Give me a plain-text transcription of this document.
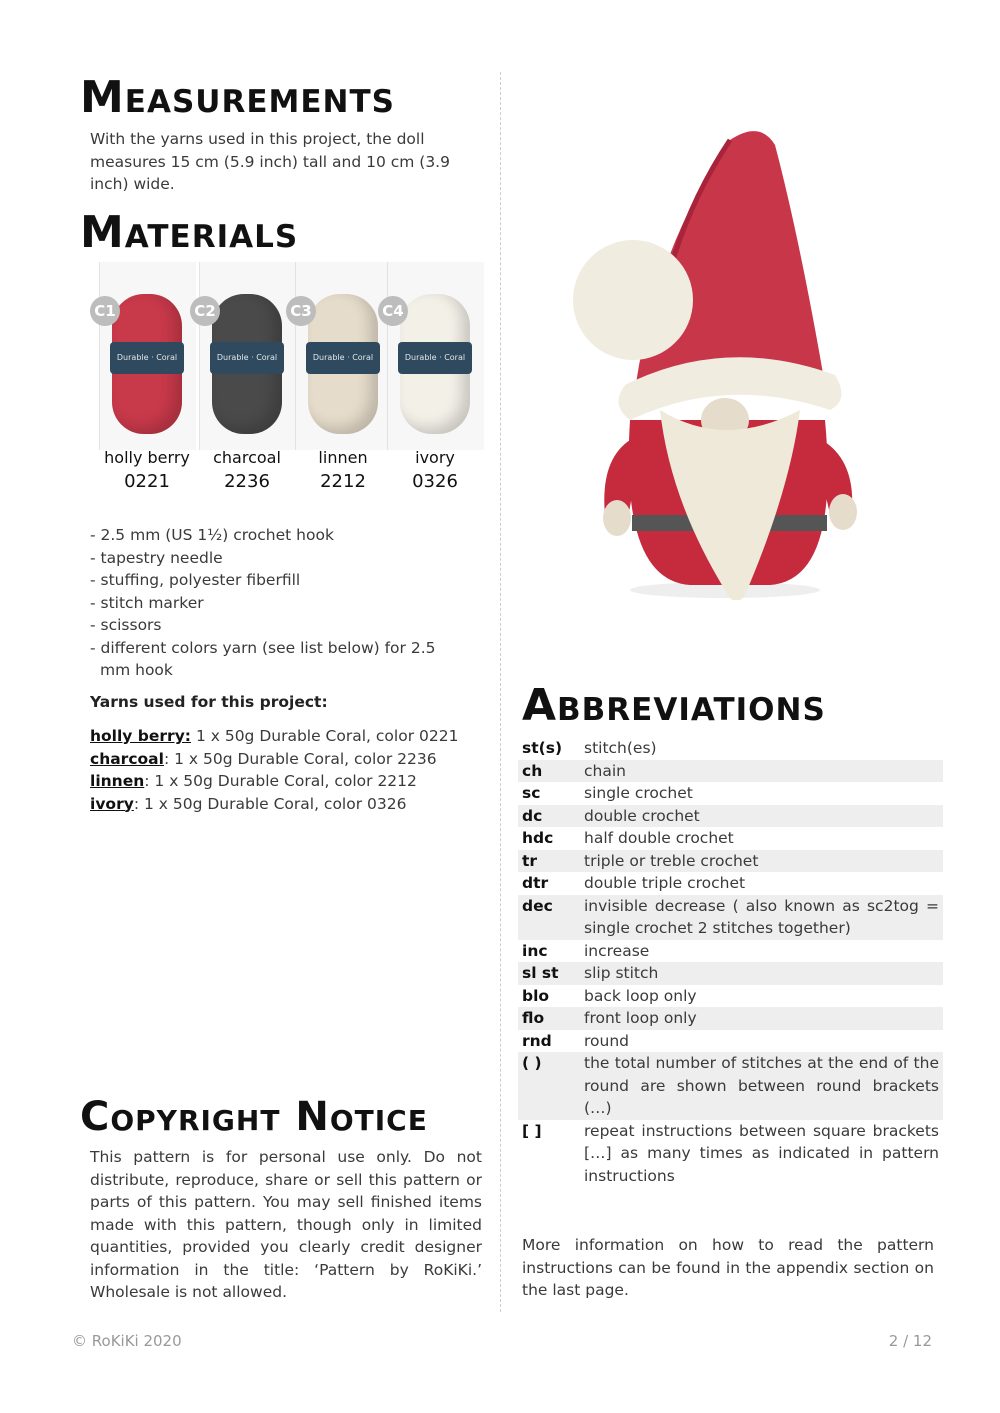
Measurements

With the yarns used in this project, the doll measures 15 cm (5.9 inch) tall and 10 cm (3.9 inch) wide.

Materials
Durable · Coral
C1
holly berry
0221
Durable · Coral
C2
charcoal
2236
Durable · Coral
C3
linnen
2212
Durable · Coral
C4
ivory
0326
- 2.5 mm (US 1½) crochet hook
- tapestry needle
- stuffing, polyester fiberfill
- stitch marker
- scissors
- different colors yarn (see list below) for 2.5 mm hook

Yarns used for this project:

holly berry: 1 x 50g Durable Coral, color 0221
charcoal: 1 x 50g Durable Coral, color 2236
linnen: 1 x 50g Durable Coral, color 2212
ivory: 1 x 50g Durable Coral, color 0326
Copyright Notice

This pattern is for personal use only. Do not distribute, reproduce, share or sell this pattern or parts of this pattern. You may sell finished items made with this pattern, though only in limited quantities, provided you clearly credit designer information in the title: ‘Pattern by RoKiKi.’ Wholesale is not allowed.

Abbreviations
st(s)	stitch(es)
ch	chain
sc	single crochet
dc	double crochet
hdc	half double crochet
tr	triple or treble crochet
dtr	double triple crochet
dec	invisible decrease ( also known as sc2tog = single crochet 2 stitches together)
inc	increase
sl st	slip stitch
blo	back loop only
flo	front loop only
rnd	round
( )	the total number of stitches at the end of the round are shown between round brackets (…)
[ ]	repeat instructions between square brackets […] as many times as indicated in pattern instructions

More information on how to read the pattern instructions can be found in the appendix section on the last page.

© RoKiKi 2020	2 / 12
